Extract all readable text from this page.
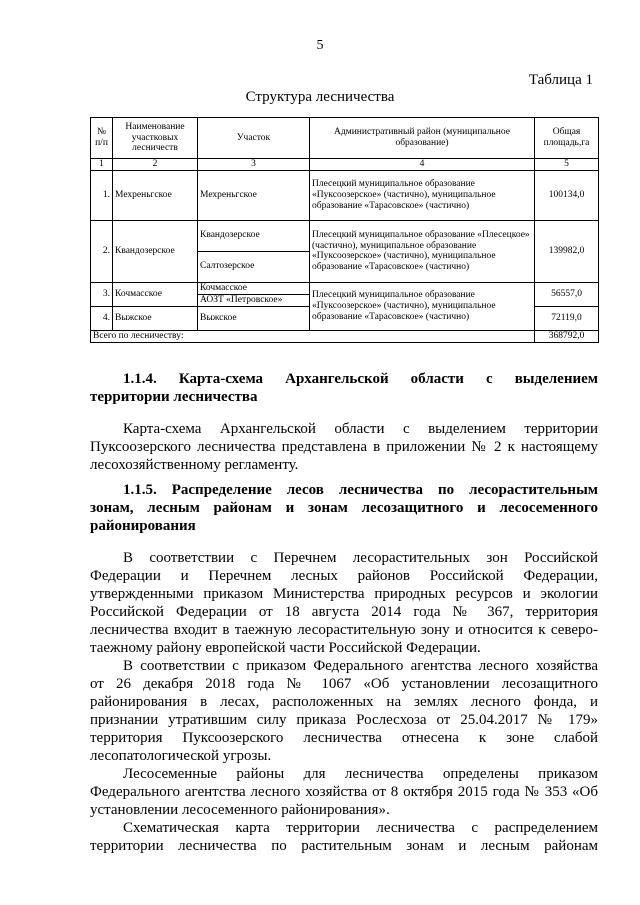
5
Таблица 1
Структура лесничества
№ п/п	Наименование участковых лесничеств	Участок	Административный район (муниципальное образование)	Общая площадь,га
1	2	3	4	5
1.	Мехреньгское	Мехреньгское	Плесецкий муниципальное образование «Пуксоозерское» (частично), муниципальное образование «Тарасовское» (частично)	100134,0
2.	Квандозерское	Квандозерское	Плесецкий муниципальное образование «Плесецкое» (частично), муниципальное образование «Пуксоозерское» (частично), муниципальное образование «Тарасовское» (частично)	139982,0
		Салтозерское		
3.	Кочмасское	Кочмасское	Плесецкий муниципальное образование «Пуксоозерское» (частично), муниципальное образование «Тарасовское» (частично)	56557,0
		АОЗТ «Петровское»		
4.	Выжское	Выжское		72119,0
Всего по лесничеству:				368792,0
1.1.4. Карта-схема Архангельской области с выделением
территории лесничества
Карта-схема Архангельской области с выделением территории
Пуксоозерского лесничества представлена в приложении № 2 к настоящему
лесохозяйственному регламенту.
1.1.5. Распределение лесов лесничества по лесорастительным
зонам, лесным районам и зонам лесозащитного и лесосеменного
районирования
В соответствии с Перечнем лесорастительных зон Российской
Федерации и Перечнем лесных районов Российской Федерации,
утвержденными приказом Министерства природных ресурсов и экологии
Российской Федерации от 18 августа 2014 года № 367, территория
лесничества входит в таежную лесорастительную зону и относится к северо-
таежному району европейской части Российской Федерации.
В соответствии с приказом Федерального агентства лесного хозяйства
от 26 декабря 2018 года № 1067 «Об установлении лесозащитного
районирования в лесах, расположенных на землях лесного фонда, и
признании утратившим силу приказа Рослесхоза от 25.04.2017 № 179»
территория Пуксоозерского лесничества отнесена к зоне слабой
лесопатологической угрозы.
Лесосеменные районы для лесничества определены приказом
Федерального агентства лесного хозяйства от 8 октября 2015 года № 353 «Об
установлении лесосеменного районирования».
Схематическая карта территории лесничества с распределением
территории лесничества по растительным зонам и лесным районам
